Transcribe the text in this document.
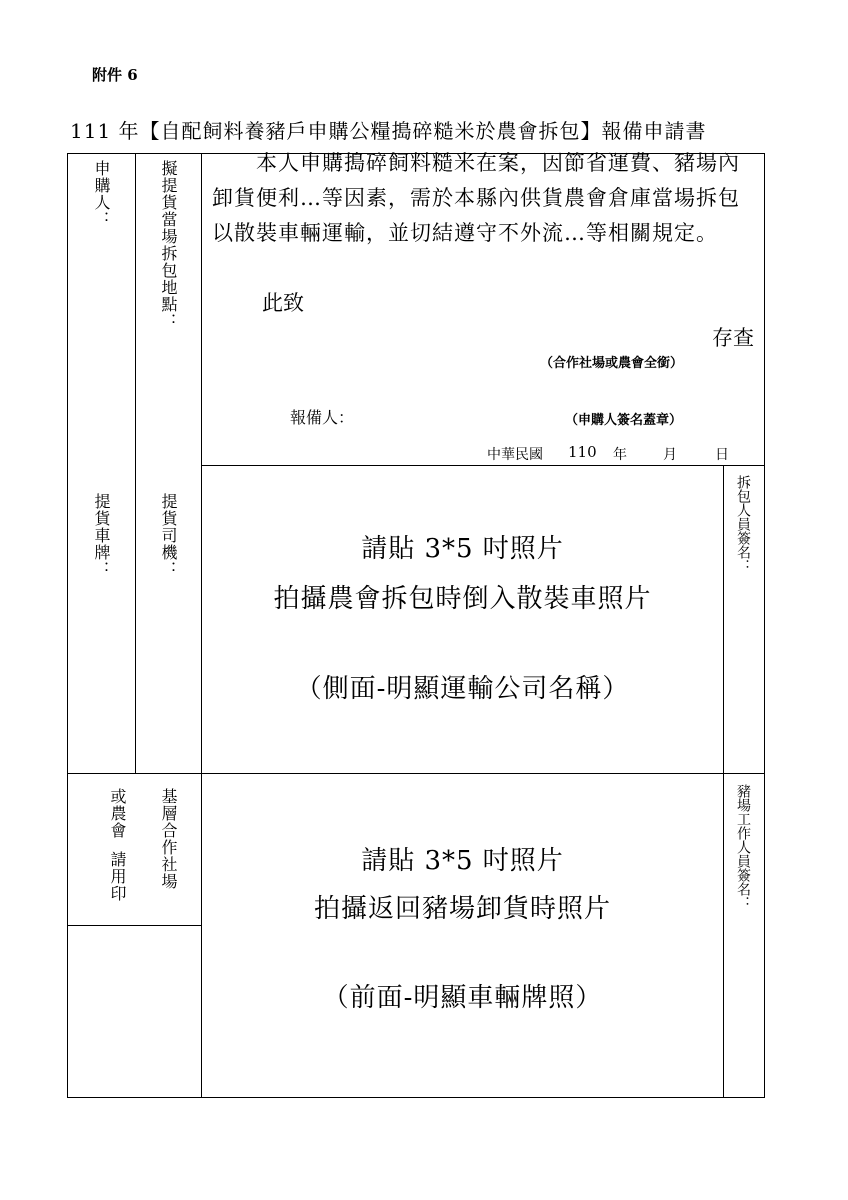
附件 6
111 年【自配飼料養豬戶申購公糧搗碎糙米於農會拆包】報備申請書
申購人：	擬提貨當場拆包地點：
提貨車牌：	提貨司機：
本人申購搗碎飼料糙米在案，因節省運費、豬場內卸貨便利…等因素，需於本縣內供貨農會倉庫當場拆包以散裝車輛運輸，並切結遵守不外流…等相關規定。
此致
存查
（合作社場或農會全銜）
報備人：	（申購人簽名蓋章）
中華民國 110 年	月	日
請貼 3*5 吋照片
拍攝農會拆包時倒入散裝車照片
（側面-明顯運輸公司名稱）
拆包人員簽名：
基層合作社場
或農會
請用印	請貼 3*5 吋照片
拍攝返回豬場卸貨時照片
（前面-明顯車輛牌照）
豬場工作人員簽名：
